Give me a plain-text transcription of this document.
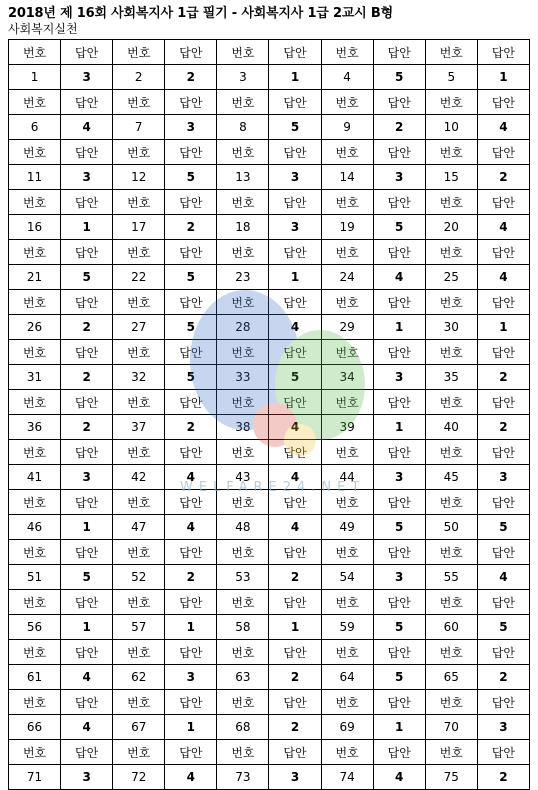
2018년 제 16회 사회복지사 1급 필기 - 사회복지사 1급 2교시 B형
사회복지실천
번호	답안	번호	답안	번호	답안	번호	답안	번호	답안
1	3	2	2	3	1	4	5	5	1
번호	답안	번호	답안	번호	답안	번호	답안	번호	답안
6	4	7	3	8	5	9	2	10	4
번호	답안	번호	답안	번호	답안	번호	답안	번호	답안
11	3	12	5	13	3	14	3	15	2
번호	답안	번호	답안	번호	답안	번호	답안	번호	답안
16	1	17	2	18	3	19	5	20	4
번호	답안	번호	답안	번호	답안	번호	답안	번호	답안
21	5	22	5	23	1	24	4	25	4
번호	답안	번호	답안	번호	답안	번호	답안	번호	답안
26	2	27	5	28	4	29	1	30	1
번호	답안	번호	답안	번호	답안	번호	답안	번호	답안
31	2	32	5	33	5	34	3	35	2
번호	답안	번호	답안	번호	답안	번호	답안	번호	답안
36	2	37	2	38	4	39	1	40	2
번호	답안	번호	답안	번호	답안	번호	답안	번호	답안
41	3	42	4	43	4	44	3	45	3
번호	답안	번호	답안	번호	답안	번호	답안	번호	답안
46	1	47	4	48	4	49	5	50	5
번호	답안	번호	답안	번호	답안	번호	답안	번호	답안
51	5	52	2	53	2	54	3	55	4
번호	답안	번호	답안	번호	답안	번호	답안	번호	답안
56	1	57	1	58	1	59	5	60	5
번호	답안	번호	답안	번호	답안	번호	답안	번호	답안
61	4	62	3	63	2	64	5	65	2
번호	답안	번호	답안	번호	답안	번호	답안	번호	답안
66	4	67	1	68	2	69	1	70	3
번호	답안	번호	답안	번호	답안	번호	답안	번호	답안
71	3	72	4	73	3	74	4	75	2
WELFARE24.NET
